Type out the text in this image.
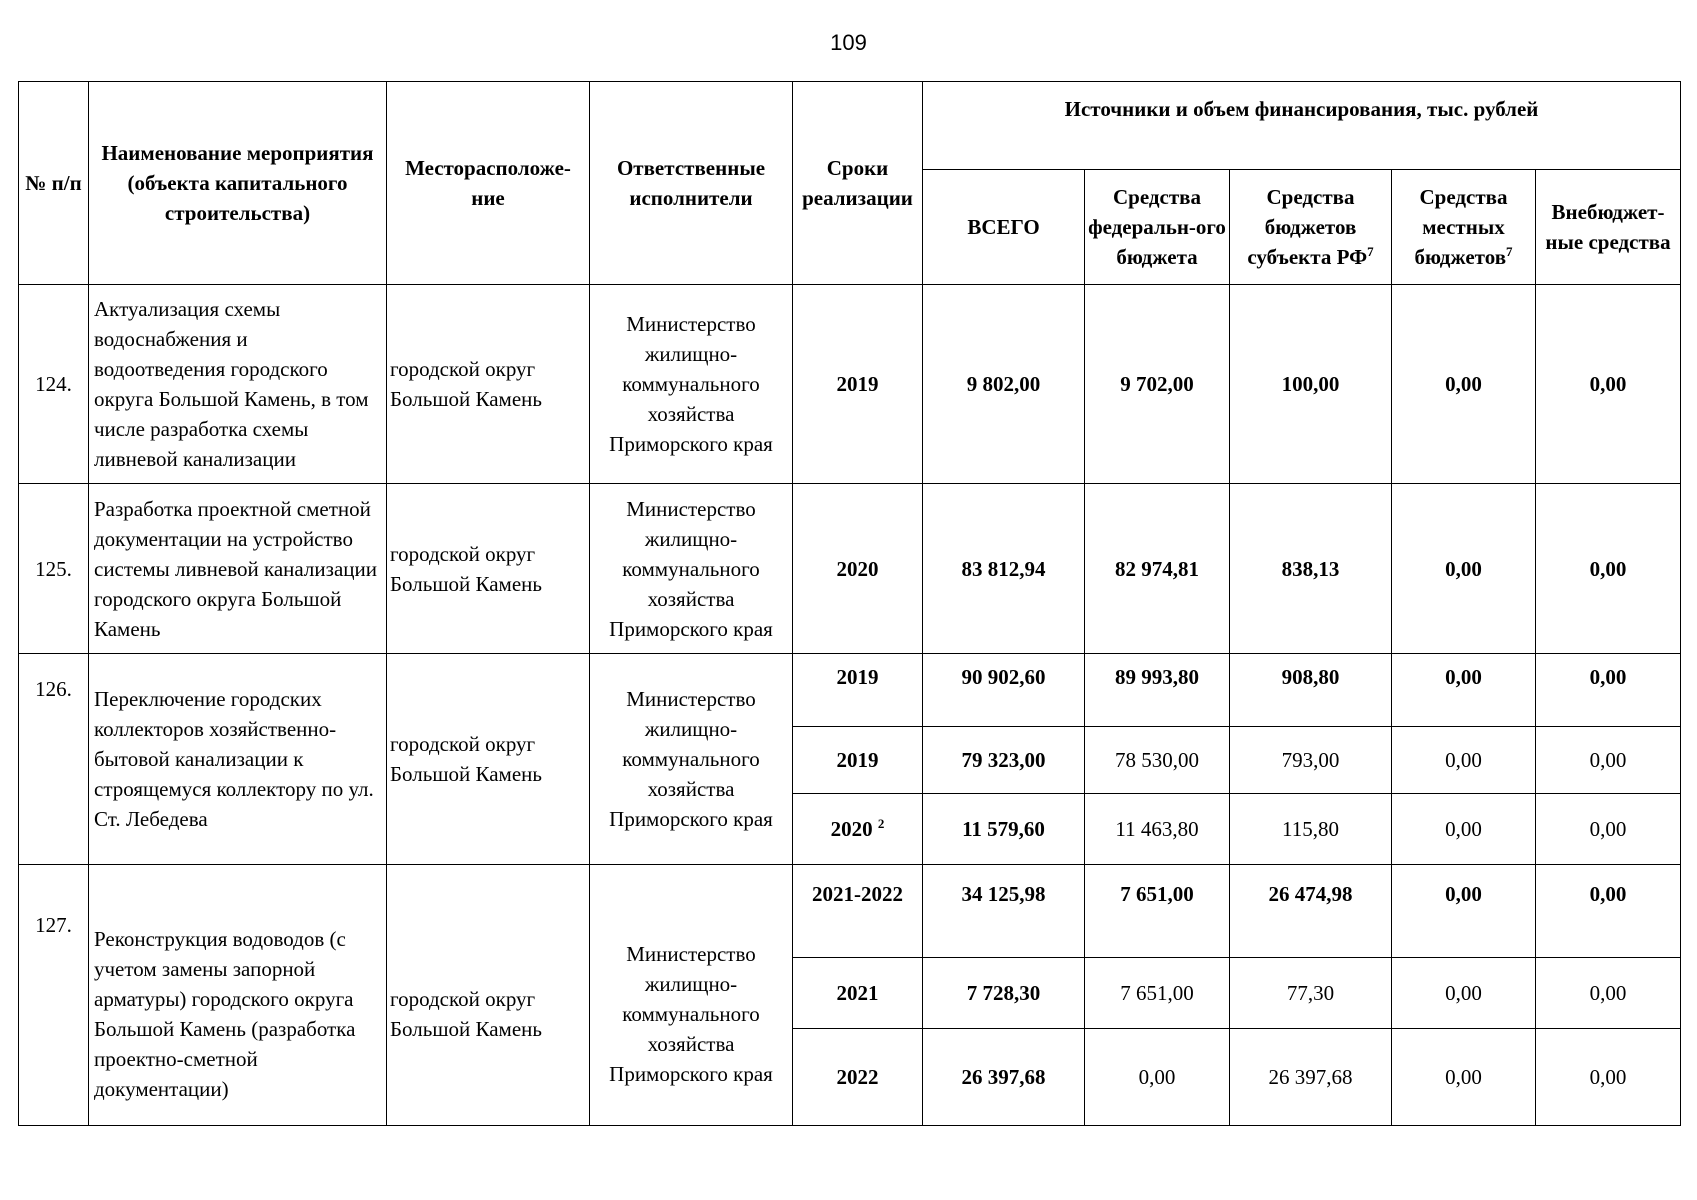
109
№ п/п	Наименование мероприятия (объекта капитального строительства)	Месторасположе-ние	Ответственные исполнители	Сроки реализации	Источники и объем финансирования, тыс. рублей				
					ВСЕГО	Средства федеральн-ого бюджета	Средства бюджетов субъекта $РФ^7$	Средства местных бюджетов$^7$	Внебюджет-ные средства
124.	Актуализация схемы водоснабжения и водоотведения городского округа Большой Камень, в том числе разработка схемы ливневой канализации	городской округ Большой Камень	Министерство жилищно-коммунального хозяйства Приморского края	2019	9 802,00	9 702,00	100,00	0,00	0,00
125.	Разработка проектной сметной документации на устройство системы ливневой канализации городского округа Большой Камень	городской округ Большой Камень	Министерство жилищно-коммунального хозяйства Приморского края	2020	83 812,94	82 974,81	838,13	0,00	0,00
126.	Переключение городских коллекторов хозяйственно-бытовой канализации к строящемуся коллектору по ул. Ст. Лебедева	городской округ Большой Камень	Министерство жилищно-коммунального хозяйства Приморского края	2019	90 902,60	89 993,80	908,80	0,00	0,00
				2019	79 323,00	78 530,00	793,00	0,00	0,00
				2020 $^2$	11 579,60	11 463,80	115,80	0,00	0,00
127.	Реконструкция водоводов (с учетом замены запорной арматуры) городского округа Большой Камень (разработка проектно-сметной документации)	городской округ Большой Камень	Министерство жилищно-коммунального хозяйства Приморского края	2021-2022	34 125,98	7 651,00	26 474,98	0,00	0,00
				2021	7 728,30	7 651,00	77,30	0,00	0,00
				2022	26 397,68	0,00	26 397,68	0,00	0,00
